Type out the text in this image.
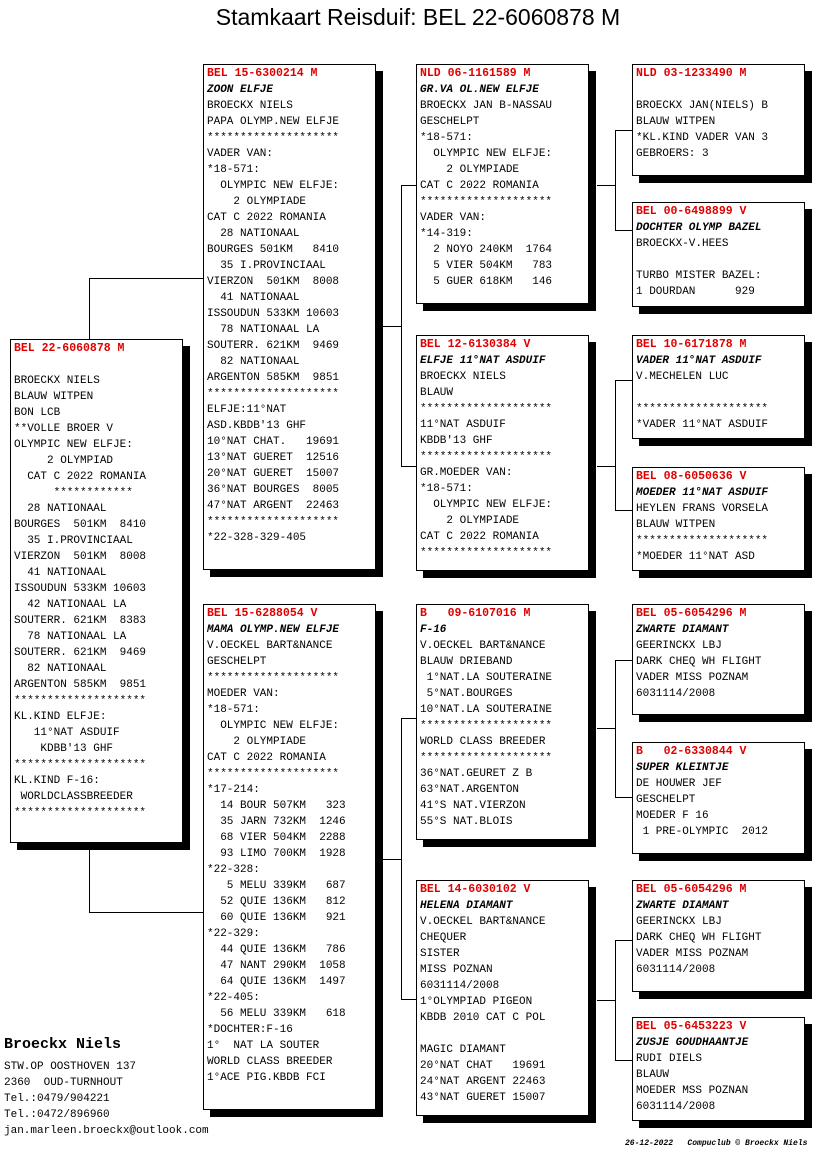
Stamkaart Reisduif: BEL 22-6060878 M
BEL 22-6060878 M
BROECKX NIELS
BLAUW WITPEN
BON LCB
**VOLLE BROER V
OLYMPIC NEW ELFJE:
2 OLYMPIAD
CAT C 2022 ROMANIA
************
28 NATIONAAL
BOURGES  501KM  8410
35 I.PROVINCIAAL
VIERZON  501KM  8008
41 NATIONAAL
ISSOUDUN 533KM 10603
42 NATIONAAL LA
SOUTERR. 621KM  8383
78 NATIONAAL LA
SOUTERR. 621KM  9469
82 NATIONAAL
ARGENTON 585KM  9851
********************
KL.KIND ELFJE:
11°NAT ASDUIF
KDBB'13 GHF
********************
KL.KIND F-16:
WORLDCLASSBREEDER
********************
BEL 15-6300214 M
ZOON ELFJE
BROECKX NIELS
PAPA OLYMP.NEW ELFJE
********************
VADER VAN:
*18-571:
OLYMPIC NEW ELFJE:
2 OLYMPIADE
CAT C 2022 ROMANIA
28 NATIONAAL
BOURGES 501KM   8410
35 I.PROVINCIAAL
VIERZON  501KM  8008
41 NATIONAAL
ISSOUDUN 533KM 10603
78 NATIONAAL LA
SOUTERR. 621KM  9469
82 NATIONAAL
ARGENTON 585KM  9851
********************
ELFJE:11°NAT
ASD.KBDB'13 GHF
10°NAT CHAT.   19691
13°NAT GUERET  12516
20°NAT GUERET  15007
36°NAT BOURGES  8005
47°NAT ARGENT  22463
********************
*22-328-329-405
BEL 15-6288054 V
MAMA OLYMP.NEW ELFJE
V.OECKEL BART&NANCE
GESCHELPT
********************
MOEDER VAN:
*18-571:
OLYMPIC NEW ELFJE:
2 OLYMPIADE
CAT C 2022 ROMANIA
********************
*17-214:
14 BOUR 507KM   323
35 JARN 732KM  1246
68 VIER 504KM  2288
93 LIMO 700KM  1928
*22-328:
5 MELU 339KM   687
52 QUIE 136KM   812
60 QUIE 136KM   921
*22-329:
44 QUIE 136KM   786
47 NANT 290KM  1058
64 QUIE 136KM  1497
*22-405:
56 MELU 339KM   618
*DOCHTER:F-16
1°  NAT LA SOUTER
WORLD CLASS BREEDER
1°ACE PIG.KBDB FCI
NLD 06-1161589 M
GR.VA OL.NEW ELFJE
BROECKX JAN B-NASSAU
GESCHELPT
*18-571:
OLYMPIC NEW ELFJE:
2 OLYMPIADE
CAT C 2022 ROMANIA
********************
VADER VAN:
*14-319:
2 NOYO 240KM  1764
5 VIER 504KM   783
5 GUER 618KM   146
BEL 12-6130384 V
ELFJE 11°NAT ASDUIF
BROECKX NIELS
BLAUW
********************
11°NAT ASDUIF
KBDB'13 GHF
********************
GR.MOEDER VAN:
*18-571:
OLYMPIC NEW ELFJE:
2 OLYMPIADE
CAT C 2022 ROMANIA
********************
B   09-6107016 M
F-16
V.OECKEL BART&NANCE
BLAUW DRIEBAND
1°NAT.LA SOUTERAINE
5°NAT.BOURGES
10°NAT.LA SOUTERAINE
********************
WORLD CLASS BREEDER
********************
36°NAT.GEURET Z B
63°NAT.ARGENTON
41°S NAT.VIERZON
55°S NAT.BLOIS
BEL 14-6030102 V
HELENA DIAMANT
V.OECKEL BART&NANCE
CHEQUER
SISTER
MISS POZNAN
6031114/2008
1°OLYMPIAD PIGEON
KBDB 2010 CAT C POL
MAGIC DIAMANT
20°NAT CHAT   19691
24°NAT ARGENT 22463
43°NAT GUERET 15007
NLD 03-1233490 M
BROECKX JAN(NIELS) B
BLAUW WITPEN
*KL.KIND VADER VAN 3
GEBROERS: 3
BEL 00-6498899 V
DOCHTER OLYMP BAZEL
BROECKX-V.HEES
TURBO MISTER BAZEL:
1 DOURDAN      929
BEL 10-6171878 M
VADER 11°NAT ASDUIF
V.MECHELEN LUC
********************
*VADER 11°NAT ASDUIF
BEL 08-6050636 V
MOEDER 11°NAT ASDUIF
HEYLEN FRANS VORSELA
BLAUW WITPEN
********************
*MOEDER 11°NAT ASD
BEL 05-6054296 M
ZWARTE DIAMANT
GEERINCKX LBJ
DARK CHEQ WH FLIGHT
VADER MISS POZNAM
6031114/2008
B   02-6330844 V
SUPER KLEINTJE
DE HOUWER JEF
GESCHELPT
MOEDER F 16
1 PRE-OLYMPIC  2012
BEL 05-6054296 M
ZWARTE DIAMANT
GEERINCKX LBJ
DARK CHEQ WH FLIGHT
VADER MISS POZNAM
6031114/2008
BEL 05-6453223 V
ZUSJE GOUDHAANTJE
RUDI DIELS
BLAUW
MOEDER MSS POZNAN
6031114/2008
Broeckx Niels
STW.OP OOSTHOVEN 137
2360  OUD-TURNHOUT
Tel.:0479/904221
Tel.:0472/896960
jan.marleen.broeckx@outlook.com
26-12-2022   Compuclub © Broeckx Niels
